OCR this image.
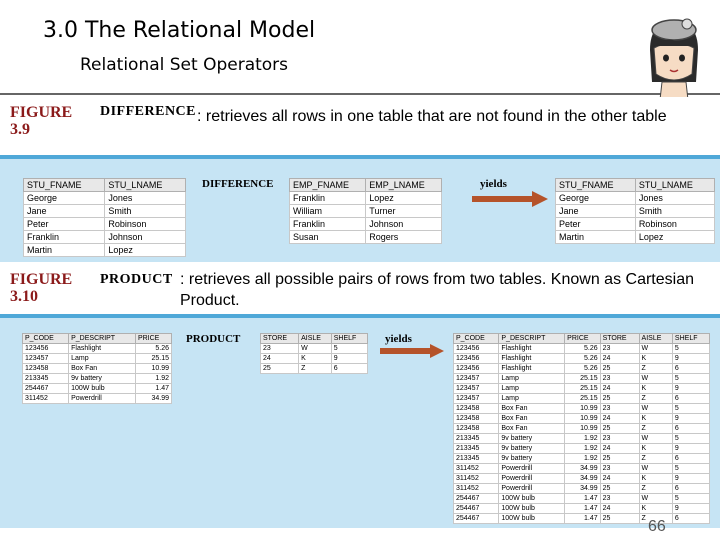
3.0 The Relational Model
Relational Set Operators
FIGURE
3.9
DIFFERENCE : retrieves all rows in one table that are not found in the other table
STU_FNAME	STU_LNAME
George	Jones
Jane	Smith
Peter	Robinson
Franklin	Johnson
Martin	Lopez
DIFFERENCE EMP_FNAME	EMP_LNAME
Franklin	Lopez
William	Turner
Franklin	Johnson
Susan	Rogers
yields	STU_FNAME	STU_LNAME
George	Jones
Jane	Smith
Peter	Robinson
Martin	Lopez
FIGURE
3.10
PRODUCT : retrieves all possible pairs of rows from two tables. Known as Cartesian Product.
P_CODE	P_DESCRIPT	PRICE
123456	Flashlight	5.26
123457	Lamp	25.15
123458	Box Fan	10.99
213345	9v battery	1.92
254467	100W bulb	1.47
311452	Powerdrill	34.99
PRODUCT	STORE	AISLE	SHELF
23	W	5
24	K	9
25	Z	6
yields	P_CODE	P_DESCRIPT	PRICE	STORE	AISLE	SHELF
123456	Flashlight	5.26	23	W	5
123456	Flashlight	5.26	24	K	9
123456	Flashlight	5.26	25	Z	6
123457	Lamp	25.15	23	W	5
123457	Lamp	25.15	24	K	9
123457	Lamp	25.15	25	Z	6
123458	Box Fan	10.99	23	W	5
123458	Box Fan	10.99	24	K	9
123458	Box Fan	10.99	25	Z	6
213345	9v battery	1.92	23	W	5
213345	9v battery	1.92	24	K	9
213345	9v battery	1.92	25	Z	6
311452	Powerdrill	34.99	23	W	5
311452	Powerdrill	34.99	24	K	9
311452	Powerdrill	34.99	25	Z	6
254467	100W bulb	1.47	23	W	5
254467	100W bulb	1.47	24	K	9
254467	100W bulb	1.47	25	Z	6
66
